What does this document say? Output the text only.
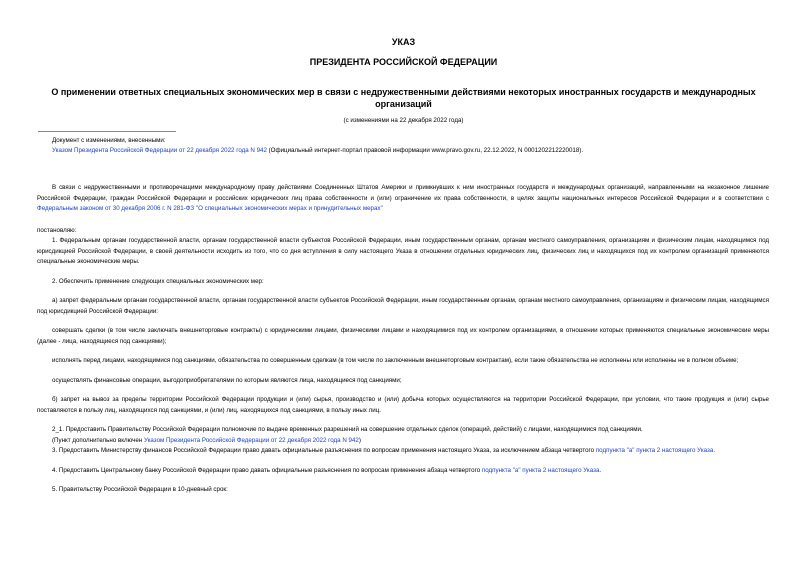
УКАЗ
ПРЕЗИДЕНТА РОССИЙСКОЙ ФЕДЕРАЦИИ
О применении ответных специальных экономических мер в связи с недружественными действиями некоторых иностранных государств и международных организаций
(с изменениями на 22 декабря 2022 года)
Документ с изменениями, внесенными:
Указом Президента Российской Федерации от 22 декабря 2022 года N 942 (Официальный интернет-портал правовой информации www.pravo.gov.ru, 22.12.2022, N 0001202212220018).

В связи с недружественными и противоречащими международному праву действиями Соединенных Штатов Америки и примкнувших к ним иностранных государств и международных организаций, направленными на незаконное лишение Российской Федерации, граждан Российской Федерации и российских юридических лиц права собственности и (или) ограничение их права собственности, в целях защиты национальных интересов Российской Федерации и в соответствии с Федеральным законом от 30 декабря 2006 г. N 281-ФЗ "О специальных экономических мерах и принудительных мерах"

постановляю:

1. Федеральным органам государственной власти, органам государственной власти субъектов Российской Федерации, иным государственным органам, органам местного самоуправления, организациям и физическим лицам, находящимся под юрисдикцией Российской Федерации, в своей деятельности исходить из того, что со дня вступления в силу настоящего Указа в отношении отдельных юридических лиц, физических лиц и находящихся под их контролем организаций применяются специальные экономические меры.

2. Обеспечить применение следующих специальных экономических мер:

а) запрет федеральным органам государственной власти, органам государственной власти субъектов Российской Федерации, иным государственным органам, органам местного самоуправления, организациям и физическим лицам, находящимся под юрисдикцией Российской Федерации:

совершать сделки (в том числе заключать внешнеторговые контракты) с юридическими лицами, физическими лицами и находящимися под их контролем организациями, в отношении которых применяются специальные экономические меры (далее - лица, находящиеся под санкциями);

исполнять перед лицами, находящимися под санкциями, обязательства по совершенным сделкам (в том числе по заключенным внешнеторговым контрактам), если такие обязательства не исполнены или исполнены не в полном объеме;

осуществлять финансовые операции, выгодоприобретателями по которым являются лица, находящиеся под санкциями;

б) запрет на вывоз за пределы территории Российской Федерации продукции и (или) сырья, производство и (или) добыча которых осуществляются на территории Российской Федерации, при условии, что такие продукция и (или) сырье поставляются в пользу лиц, находящихся под санкциями, и (или) лиц, находящихся под санкциями, в пользу иных лиц.

2_1. Предоставить Правительству Российской Федерации полномочие по выдаче временных разрешений на совершение отдельных сделок (операций, действий) с лицами, находящимися под санкциями.

(Пункт дополнительно включен Указом Президента Российской Федерации от 22 декабря 2022 года N 942)

3. Предоставить Министерству финансов Российской Федерации право давать официальные разъяснения по вопросам применения настоящего Указа, за исключением абзаца четвертого подпункта "а" пункта 2 настоящего Указа.

4. Предоставить Центральному банку Российской Федерации право давать официальные разъяснения по вопросам применения абзаца четвертого подпункта "а" пункта 2 настоящего Указа.

5. Правительству Российской Федерации в 10-дневный срок:
